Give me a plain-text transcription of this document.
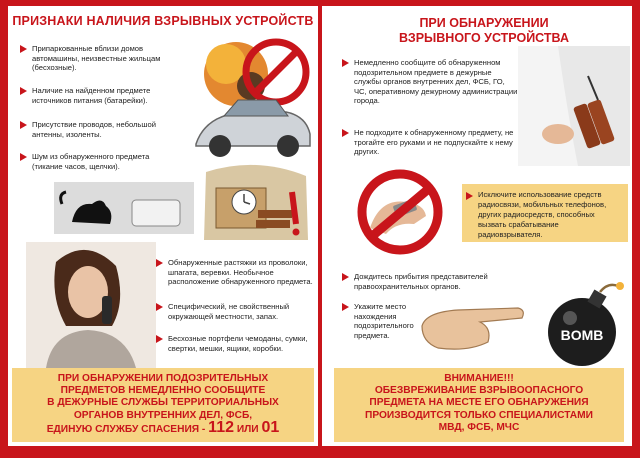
ПРИЗНАКИ НАЛИЧИЯ ВЗРЫВНЫХ УСТРОЙСТВ
Припаркованные вблизи домов автомашины, неизвестные жильцам (бесхозные).
Наличие на найденном предмете источников питания (батарейки).
Присутствие проводов, небольшой антенны, изоленты.
Шум из обнаруженного предмета (тикание часов, щелчки).
Обнаруженные растяжки из проволоки, шпагата, веревки. Необычное расположение обнаруженного предмета.
Специфический, не свойственный окружающей местности, запах.
Бесхозные портфели чемоданы, сумки, свертки, мешки, ящики, коробки.
ПРИ ОБНАРУЖЕНИИ ПОДОЗРИТЕЛЬНЫХ
ПРЕДМЕТОВ НЕМЕДЛЕННО СООБЩИТЕ
В ДЕЖУРНЫЕ СЛУЖБЫ ТЕРРИТОРИАЛЬНЫХ
ОРГАНОВ ВНУТРЕННИХ ДЕЛ, ФСБ,
ЕДИНУЮ СЛУЖБУ СПАСЕНИЯ - 112 ИЛИ 01
ПРИ ОБНАРУЖЕНИИ
ВЗРЫВНОГО УСТРОЙСТВА
Немедленно сообщите об обнаруженном подозрительном предмете в дежурные службы органов внутренних дел, ФСБ, ГО, ЧС, оперативному дежурному администрации города.
Не подходите к обнаруженному предмету, не трогайте его руками и не подпускайте к нему других.
Исключите использование средств радиосвязи, мобильных телефонов, других радиосредств, способных вызвать срабатывание радиовзрывателя.
Дождитесь прибытия представителей правоохранительных органов.
Укажите место нахождения подозрительного предмета.	BOMB
ВНИМАНИЕ!!!
ОБЕЗВРЕЖИВАНИЕ ВЗРЫВООПАСНОГО
ПРЕДМЕТА НА МЕСТЕ ЕГО ОБНАРУЖЕНИЯ
ПРОИЗВОДИТСЯ ТОЛЬКО СПЕЦИАЛИСТАМИ
МВД, ФСБ, МЧС
